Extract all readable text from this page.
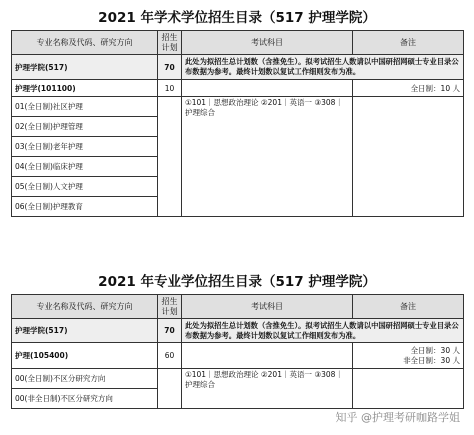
2021 年学术学位招生目录（517 护理学院）
专业名称及代码、研究方向	招生计划	考试科目	备注
护理学院(517)	70	此处为拟招生总计划数（含推免生）。拟考试招生人数请以中国研招网硕士专业目录公布数据为参考。最终计划数以复试工作细则发布为准。	
护理学(101100)	10		全日制：10 人
01(全日制)社区护理		①101｜思想政治理论 ②201｜英语一 ③308｜护理综合	
02(全日制)护理管理			
03(全日制)老年护理			
04(全日制)临床护理			
05(全日制)人文护理			
06(全日制)护理教育			
2021 年专业学位招生目录（517 护理学院）
专业名称及代码、研究方向	招生计划	考试科目	备注
护理学院(517)	70	此处为拟招生总计划数（含推免生）。拟考试招生人数请以中国研招网硕士专业目录公布数据为参考。最终计划数以复试工作细则发布为准。	
护理(105400)	60		全日制：30 人
非全日制：30 人

00(全日制)不区分研究方向		①101｜思想政治理论 ②201｜英语一 ③308｜护理综合	
00(非全日制)不区分研究方向			
知乎 @护理考研咖路学姐
